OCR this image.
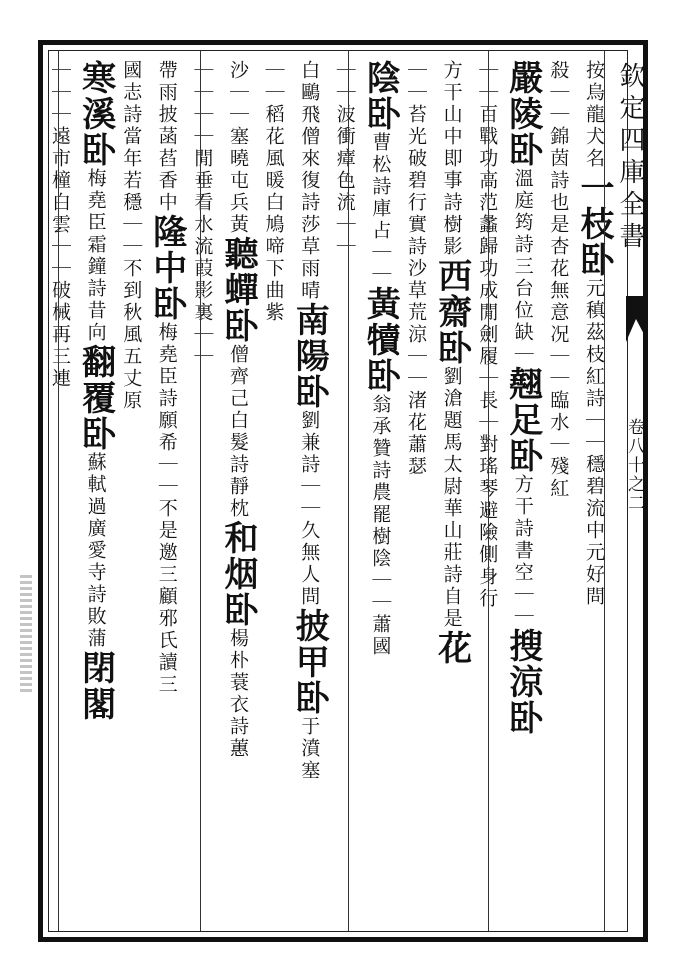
欽定四庫全書
卷八十之二
按烏龍犬名一枝卧元稹茲枝紅詩｜｜穩碧流中元好問
殺｜｜錦茵詩也是杏花無意况｜｜臨水｜殘紅
嚴陵卧溫庭筠詩三台位缺｜翹足卧方干詩書空｜｜搜涼卧
｜｜百戰功高范蠡歸功成閒劍履｜長｜對瑤琴避險側身行
方干山中即事詩樹影西齋卧劉滄題馬太尉華山莊詩自是花
｜｜苔光破碧行實詩沙草荒涼｜｜渚花蕭瑟
陰卧曹松詩庫占｜｜黃犢卧翁承贊詩農罷樹陰｜｜蕭國
｜｜波衝瘴色流｜｜
白鷗飛僧來復詩莎草雨晴南陽卧劉兼詩｜｜久無人問披甲卧于濆塞
｜｜稻花風暖白鳩啼下曲紫
沙｜｜塞曉屯兵黃聽蟬卧僧齊己白髮詩靜枕和烟卧楊朴蓑衣詩蕙
｜｜｜｜閒垂看水流葭影裏｜｜
帶雨披菡萏香中隆中卧梅堯臣詩願希｜｜不是邀三顧邪氏讀三
國志詩當年若穩｜｜不到秋風五丈原
寒溪卧梅堯臣霜鐘詩昔向翻覆卧蘇軾過廣愛寺詩敗蒲閉閣
｜｜｜遠市橦白雲｜｜破械再三連
